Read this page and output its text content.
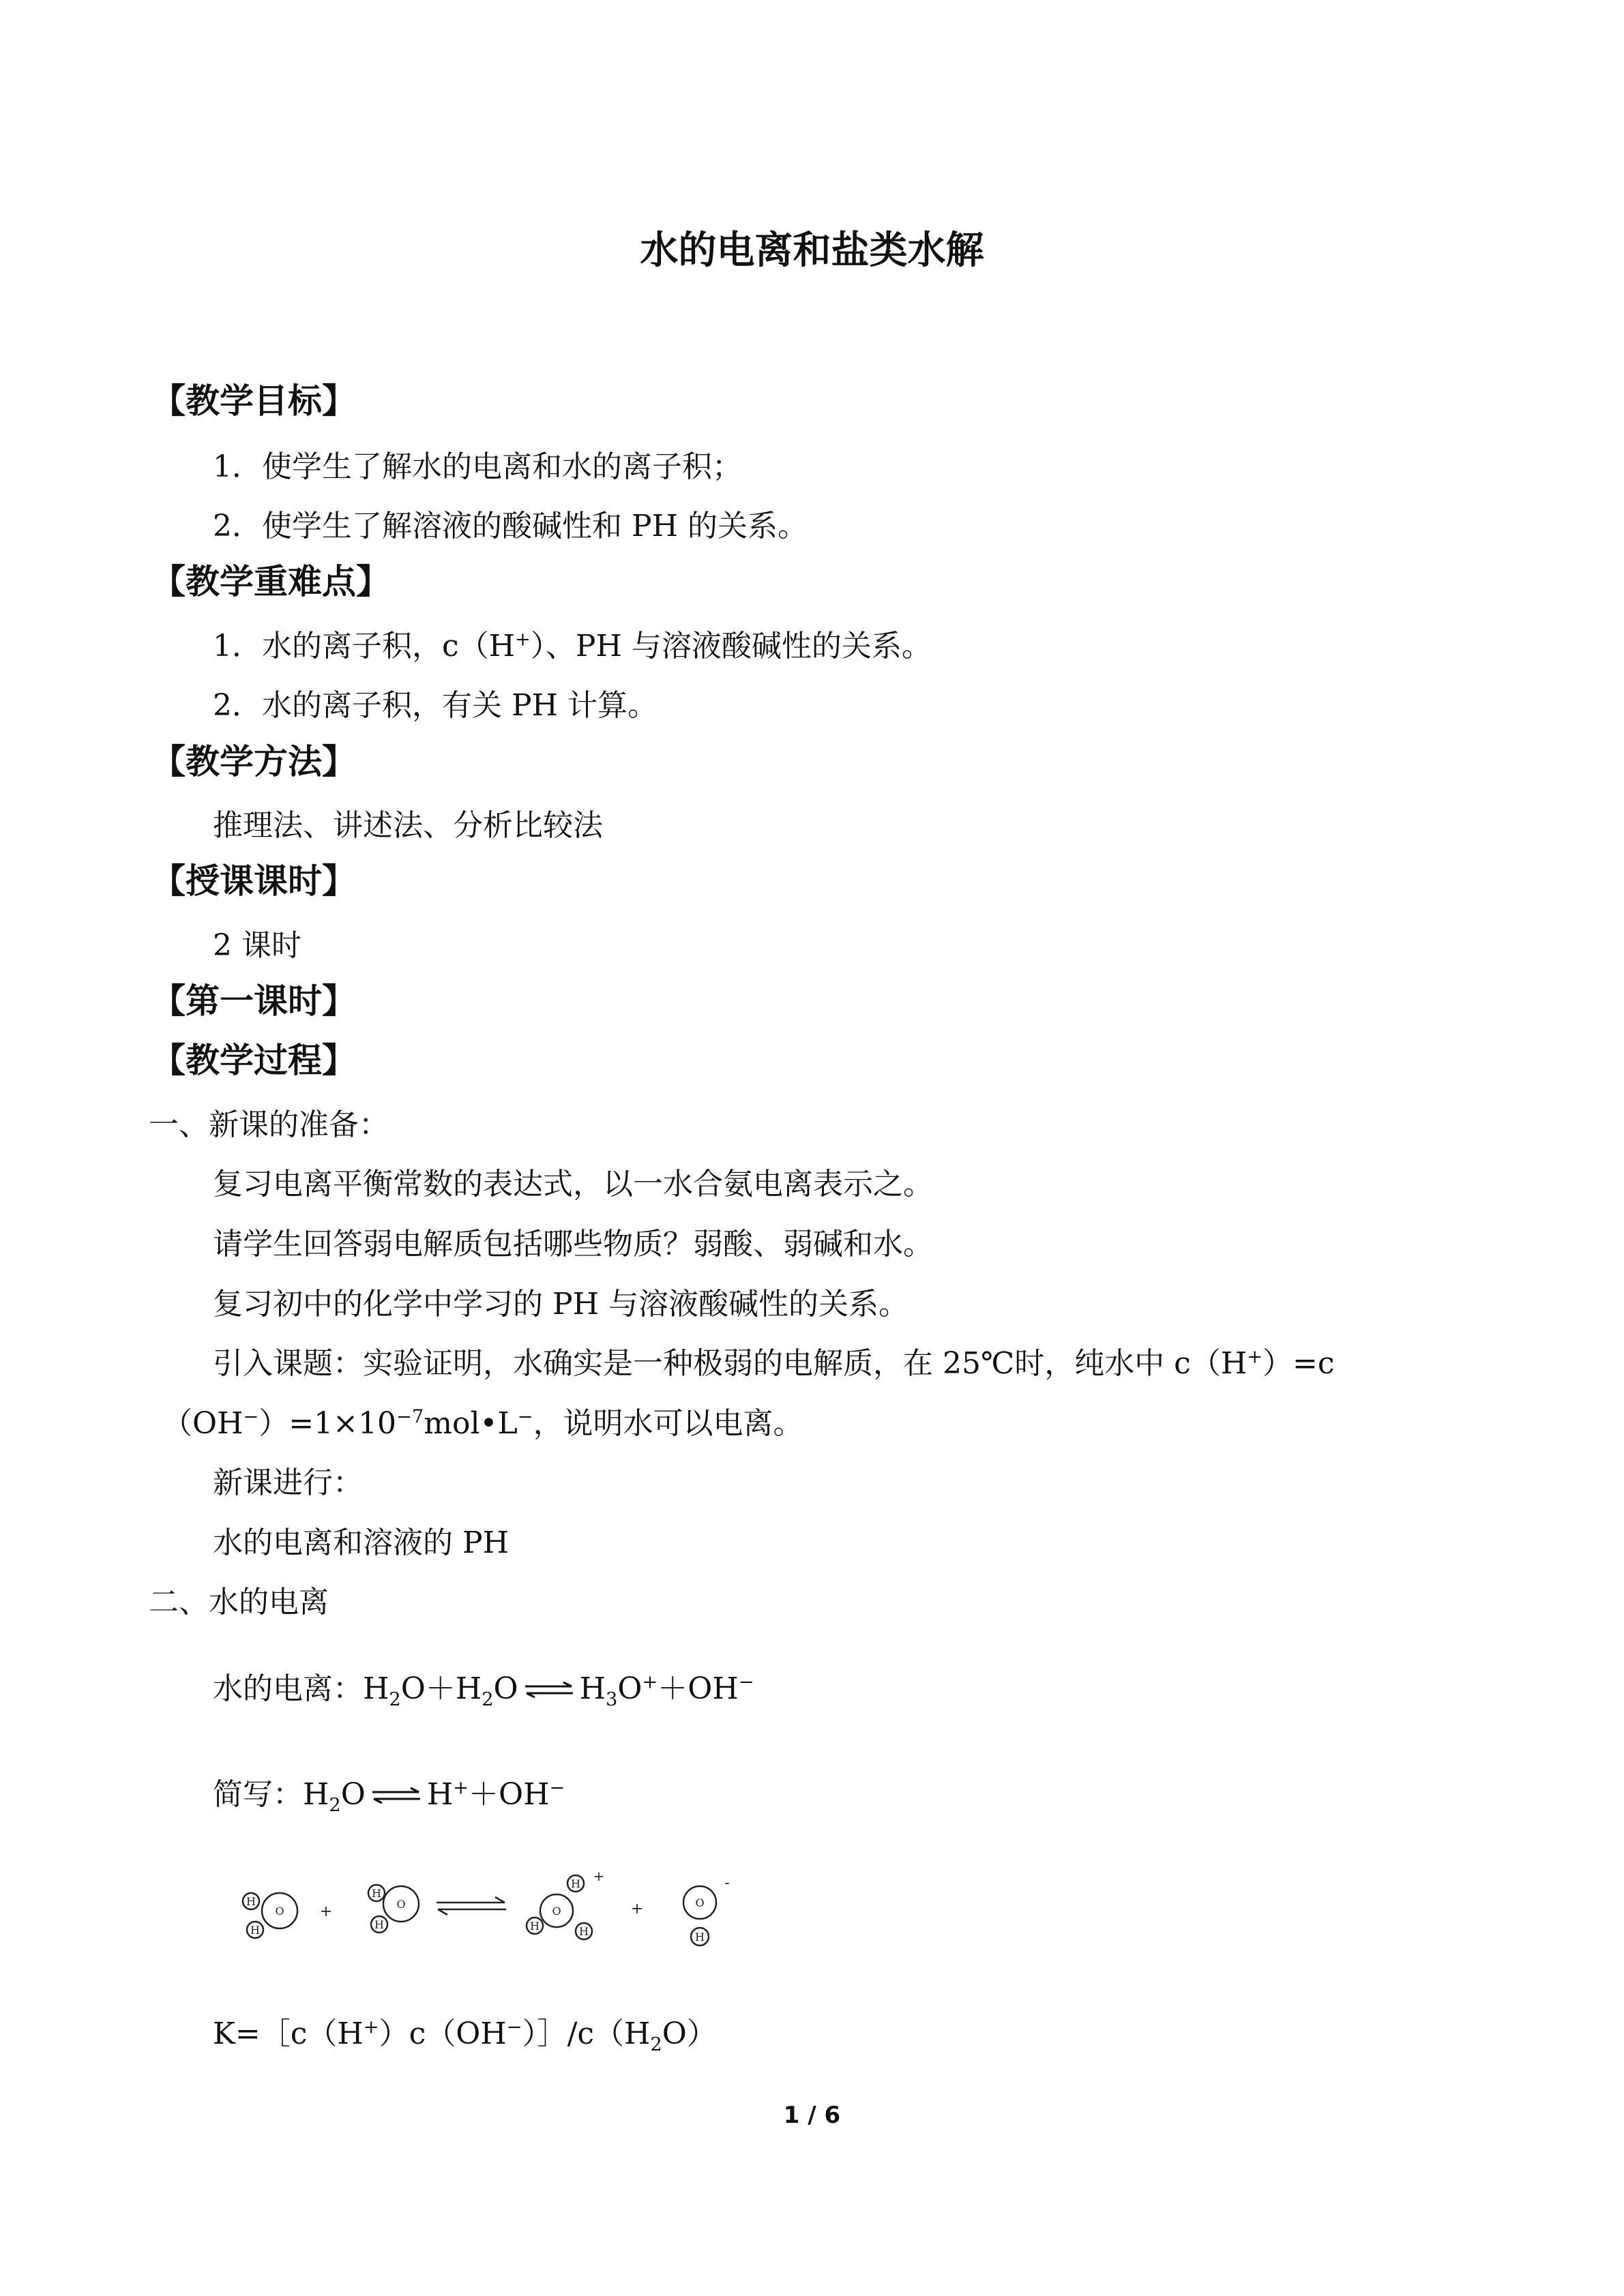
水的电离和盐类水解
【教学目标】
1．使学生了解水的电离和水的离子积；
2．使学生了解溶液的酸碱性和 PH 的关系。
【教学重难点】
1．水的离子积，c（H+）、PH 与溶液酸碱性的关系。
2．水的离子积，有关 PH 计算。
【教学方法】
推理法、讲述法、分析比较法
【授课课时】
2 课时
【第一课时】
【教学过程】
一、新课的准备：
复习电离平衡常数的表达式，以一水合氨电离表示之。
请学生回答弱电解质包括哪些物质？弱酸、弱碱和水。
复习初中的化学中学习的 PH 与溶液酸碱性的关系。
引入课题：实验证明，水确实是一种极弱的电解质，在 25℃时，纯水中 c（H+）=c
$(OH^-)=1\times 10^{-7}mol•L^-$，说明水可以电离。
新课进行：
水的电离和溶液的 PH
二、水的电离
水的电离：$H_2O+H_2O$ ⇌ $H_3O^++OH^-$
简写：$H_2O$ ⇌ H+＋OH−
O
H
H
+	O
H
H
O
H
H	H
+
+	O
H
-
$K=[c(H^+)c(OH^-)]/c(H_2O)$
1 / 6
